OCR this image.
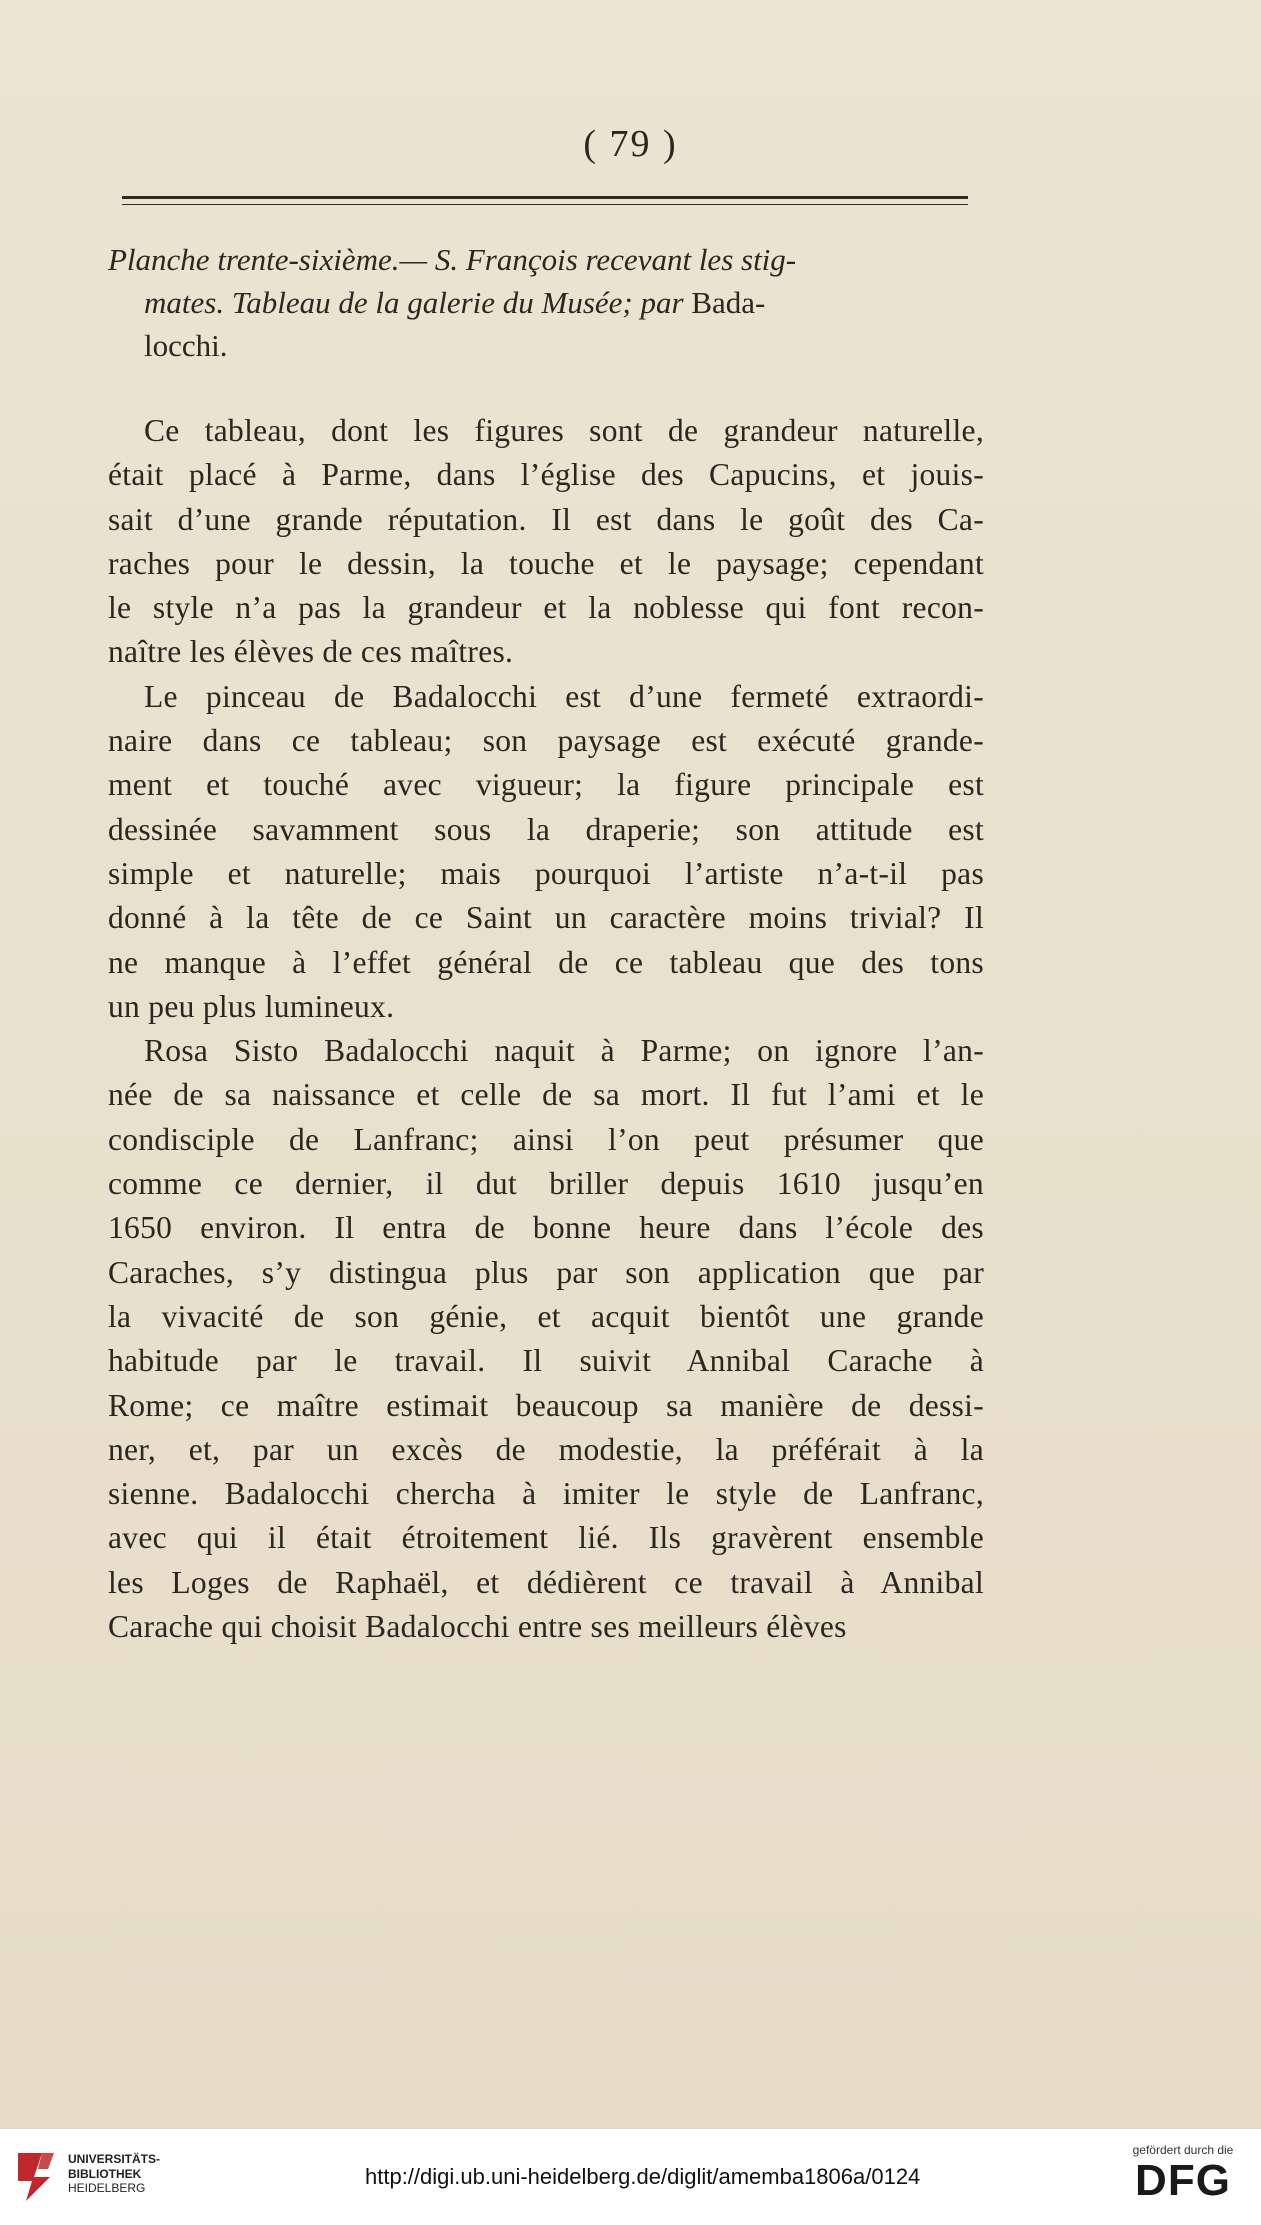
( 79 )

Planche trente-sixième.— S. François recevant les stig-
mates. Tableau de la galerie du Musée; par Bada-
locchi.

Ce tableau, dont les figures sont de grandeur naturelle,
était placé à Parme, dans l’église des Capucins, et jouis-
sait d’une grande réputation. Il est dans le goût des Ca-
raches pour le dessin, la touche et le paysage; cependant
le style n’a pas la grandeur et la noblesse qui font recon-
naître les élèves de ces maîtres.
Le pinceau de Badalocchi est d’une fermeté extraordi-
naire dans ce tableau; son paysage est exécuté grande-
ment et touché avec vigueur; la figure principale est
dessinée savamment sous la draperie; son attitude est
simple et naturelle; mais pourquoi l’artiste n’a-t-il pas
donné à la tête de ce Saint un caractère moins trivial? Il
ne manque à l’effet général de ce tableau que des tons
un peu plus lumineux.
Rosa Sisto Badalocchi naquit à Parme; on ignore l’an-
née de sa naissance et celle de sa mort. Il fut l’ami et le
condisciple de Lanfranc; ainsi l’on peut présumer que
comme ce dernier, il dut briller depuis 1610 jusqu’en
1650 environ. Il entra de bonne heure dans l’école des
Caraches, s’y distingua plus par son application que par
la vivacité de son génie, et acquit bientôt une grande
habitude par le travail. Il suivit Annibal Carache à
Rome; ce maître estimait beaucoup sa manière de dessi-
ner, et, par un excès de modestie, la préférait à la
sienne. Badalocchi chercha à imiter le style de Lanfranc,
avec qui il était étroitement lié. Ils gravèrent ensemble
les Loges de Raphaël, et dédièrent ce travail à Annibal
Carache qui choisit Badalocchi entre ses meilleurs élèves
UNIVERSITÄTS-
BIBLIOTHEK
HEIDELBERG	http://digi.ub.uni-heidelberg.de/diglit/amemba1806a/0124
gefördert durch die
DFG
